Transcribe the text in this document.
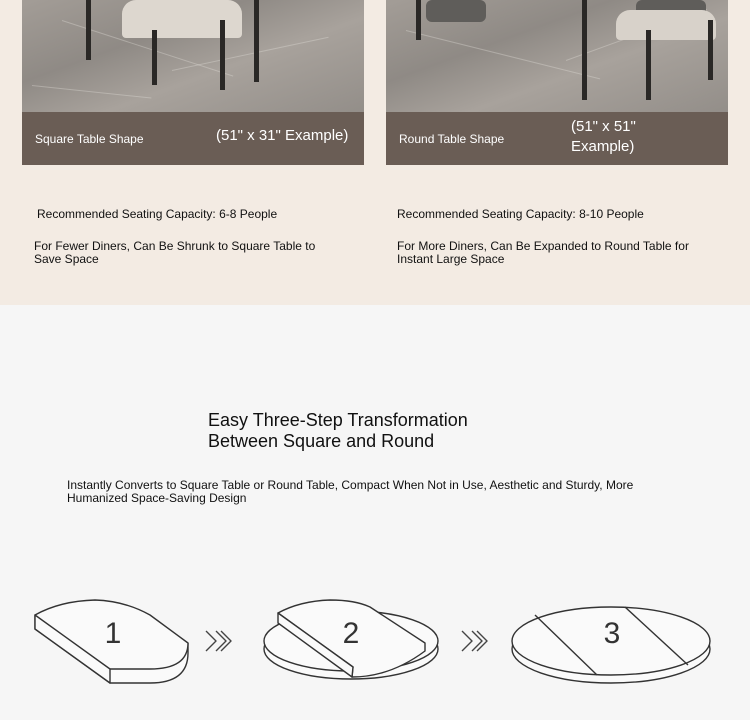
Square Table Shape	(51" x 31" Example)	Round Table Shape
(51" x 51" Example)
Recommended Seating Capacity: 6-8 People
For Fewer Diners, Can Be Shrunk to Square Table to Save Space
Recommended Seating Capacity: 8-10 People
For More Diners, Can Be Expanded to Round Table for Instant Large Space
Easy Three-Step Transformation
Between Square and Round
Instantly Converts to Square Table or Round Table, Compact When Not in Use, Aesthetic and Sturdy, More Humanized Space-Saving Design
1	2	3
